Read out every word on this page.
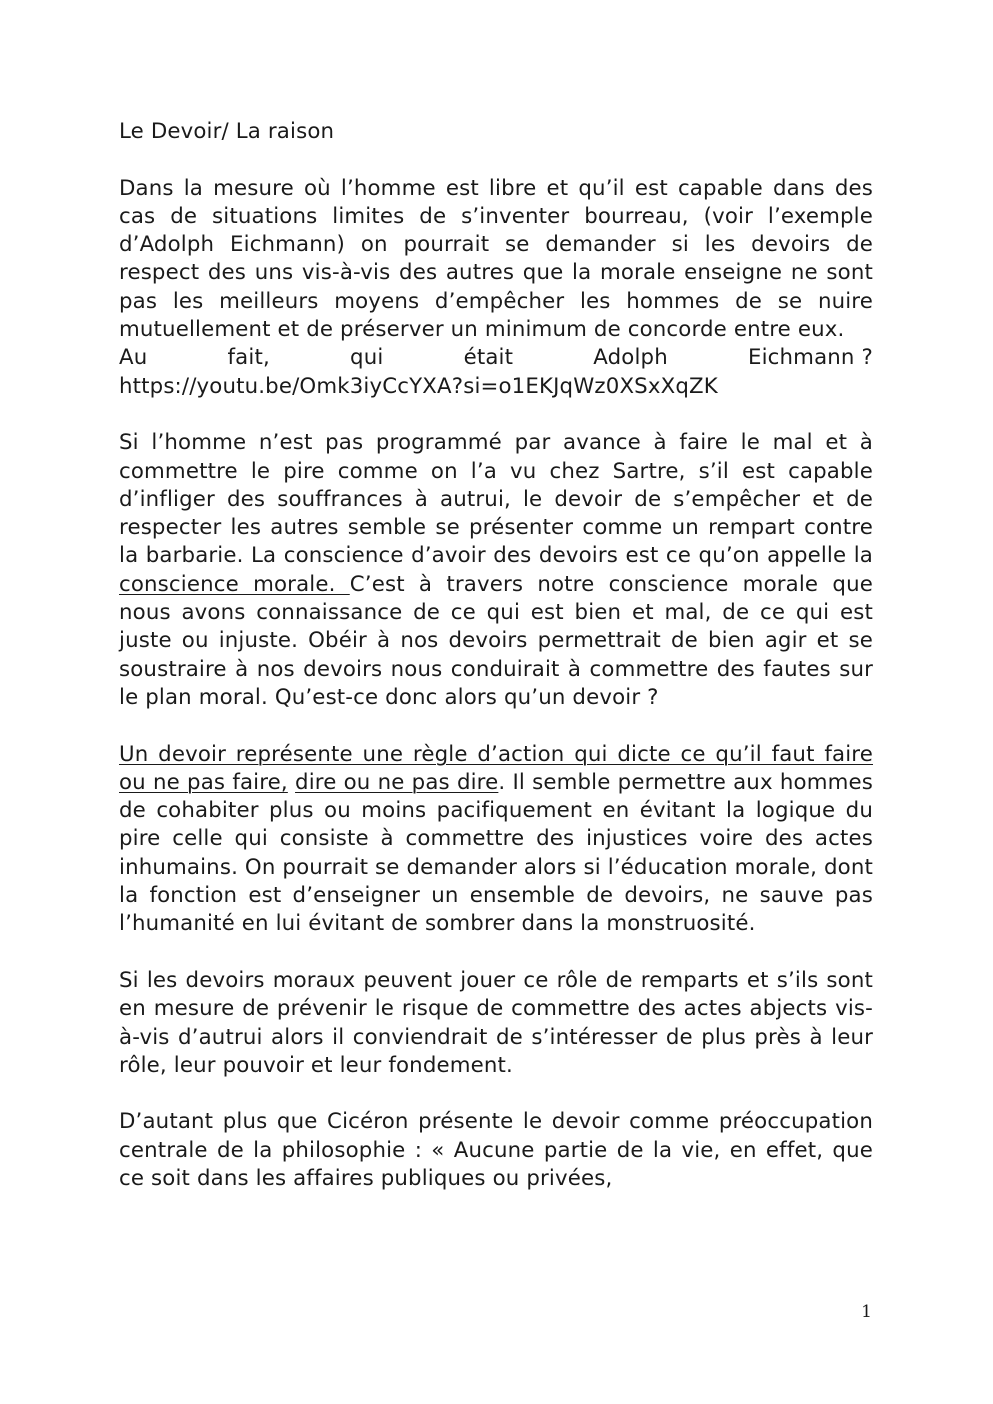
Le Devoir/ La raison

Dans la mesure où l’homme est libre et qu’il est capable dans des cas de situations limites de s’inventer bourreau, (voir l’exemple d’Adolph Eichmann) on pourrait se demander si les devoirs de respect des uns vis-à-vis des autres que la morale enseigne ne sont pas les meilleurs moyens d’empêcher les hommes de se nuire mutuellement et de préserver un minimum de concorde entre eux.

Au	fait,	qui	était	Adolph	Eichmann ?
https://youtu.be/Omk3iyCcYXA?si=o1EKJqWz0XSxXqZK

Si l’homme n’est pas programmé par avance à faire le mal et à commettre le pire comme on l’a vu chez Sartre, s’il est capable d’infliger des souffrances à autrui, le devoir de s’empêcher et de respecter les autres semble se présenter comme un rempart contre la barbarie. La conscience d’avoir des devoirs est ce qu’on appelle la conscience morale. C’est à travers notre conscience morale que nous avons connaissance de ce qui est bien et mal, de ce qui est juste ou injuste. Obéir à nos devoirs permettrait de bien agir et se soustraire à nos devoirs nous conduirait à commettre des fautes sur le plan moral. Qu’est-ce donc alors qu’un devoir ?

Un devoir représente une règle d’action qui dicte ce qu’il faut faire ou ne pas faire, dire ou ne pas dire. Il semble permettre aux hommes de cohabiter plus ou moins pacifiquement en évitant la logique du pire celle qui consiste à commettre des injustices voire des actes inhumains. On pourrait se demander alors si l’éducation morale, dont la fonction est d’enseigner un ensemble de devoirs, ne sauve pas l’humanité en lui évitant de sombrer dans la monstruosité.

Si les devoirs moraux peuvent jouer ce rôle de remparts et s’ils sont en mesure de prévenir le risque de commettre des actes abjects vis-à-vis d’autrui alors il conviendrait de s’intéresser de plus près à leur rôle, leur pouvoir et leur fondement.

D’autant plus que Cicéron présente le devoir comme préoccupation centrale de la philosophie : « Aucune partie de la vie, en effet, que ce soit dans les affaires publiques ou privées,

1
